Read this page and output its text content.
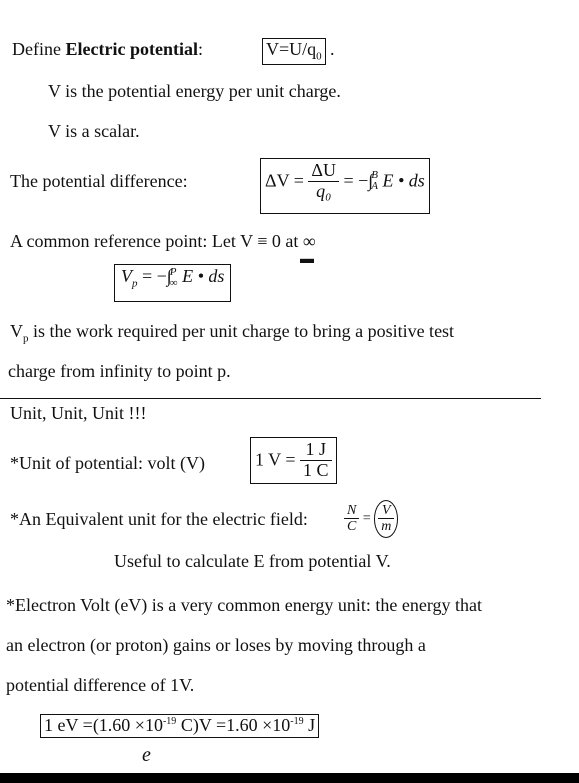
Define Electric potential:	$V=U/q_0$ .
V is the potential energy per unit charge.
V is a scalar.
The potential difference:	$\Delta V = \frac{\Delta U}{\text{q₀}}$ = −∫
B
A E • ds
A common reference point: Let V ≡ 0 at ∞
▬
$V_p$ = −∫
P
∞ E • ds
$V_p$ is the work required per unit charge to bring a positive test
charge from infinity to point p.
Unit, Unit, Unit !!!
*Unit of potential: volt (V)	1 $V = \frac{1 J}{1 C}$
*An Equivalent unit for the electric field:	$\frac{N}{C} = \frac{V}{m}$
Useful to calculate E from potential V.
*Electron Volt (eV) is a very common energy unit: the energy that
an electron (or proton) gains or loses by moving through a
potential difference of 1V.
1 eV $=(1.60 \times 10^{-19}$ $C)V =1.60 \times 10^{-19}$ J
e
